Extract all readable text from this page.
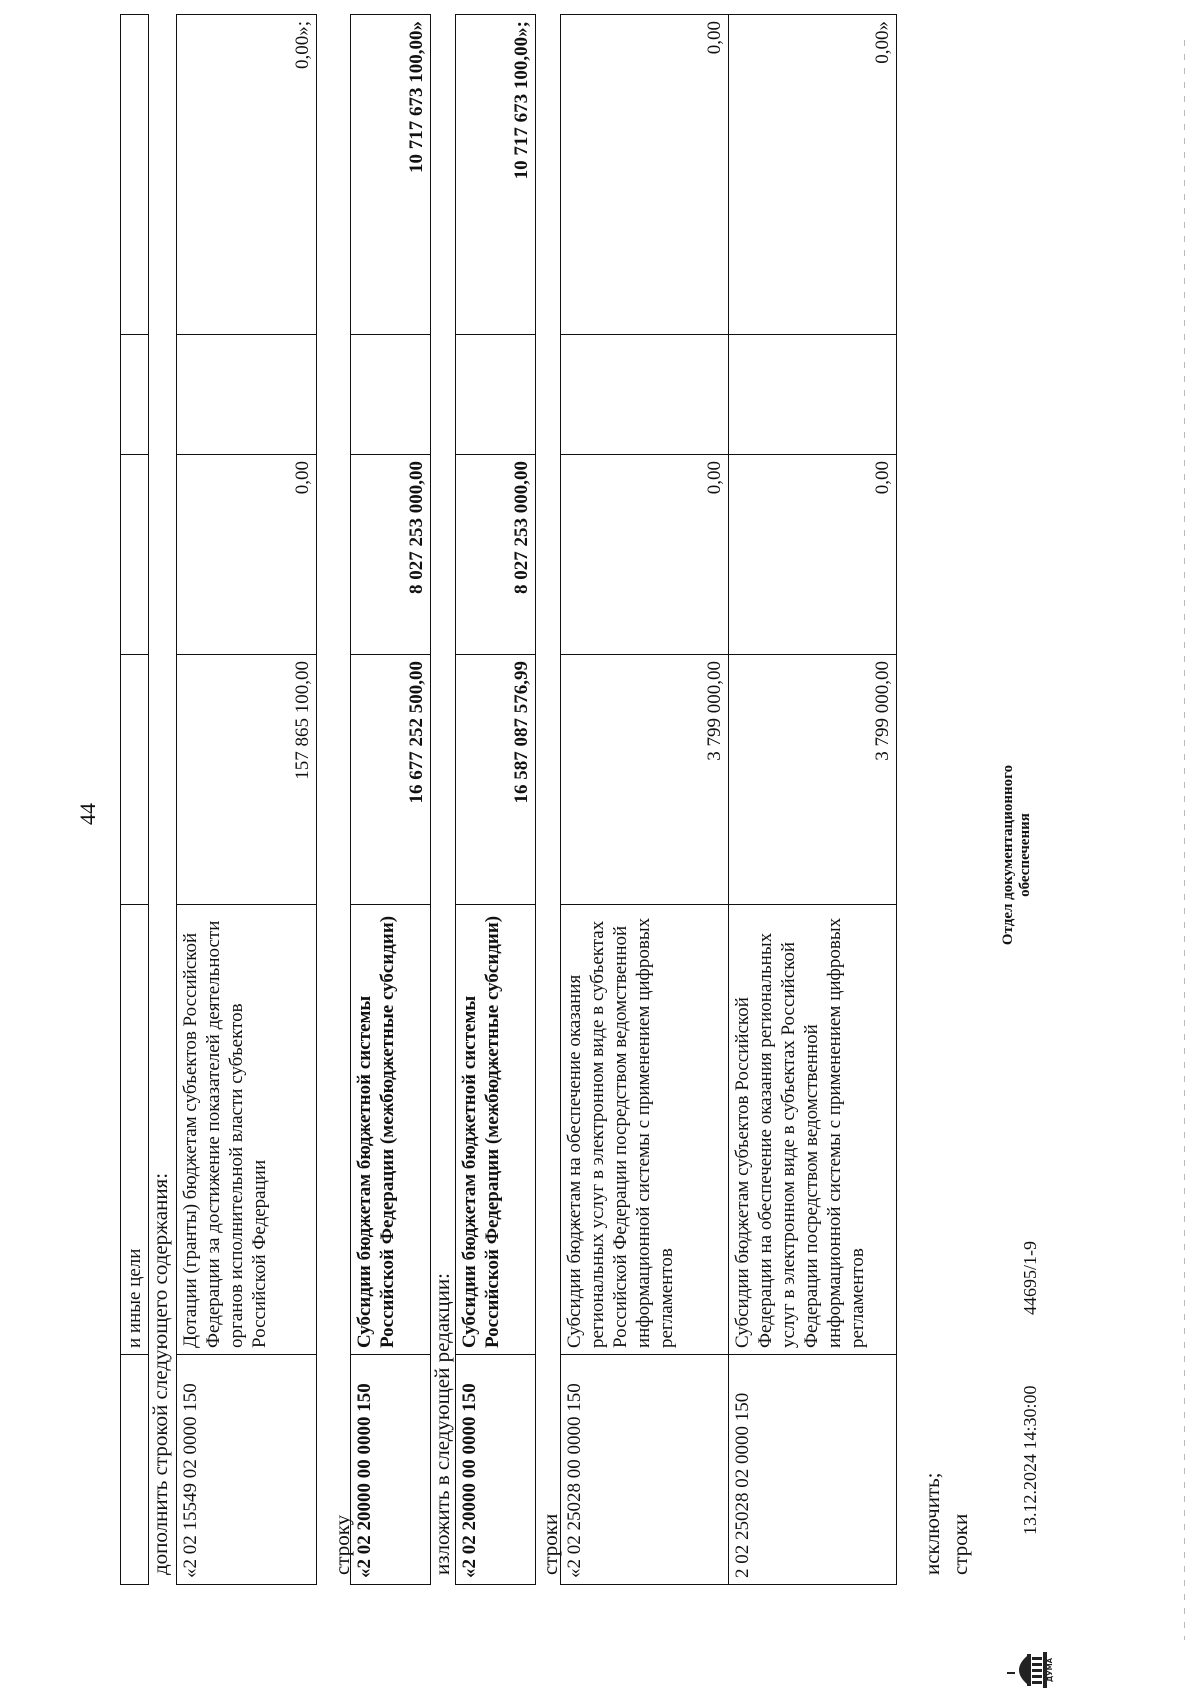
44
	и иные цели				дополнить строкой следующего содержания: «2 02 15549 02 0000 150	Дотации (гранты) бюджетам субъектов Российской Федерации за достижение показателей деятельности органов исполнительной власти субъектов Российской Федерации	157 865 100,00	0,00		0,00»;
строку «2 02 20000 00 0000 150	Субсидии бюджетам бюджетной системы Российской Федерации (межбюджетные субсидии)	16 677 252 500,00	8 027 253 000,00		10 717 673 100,00»
изложить в следующей редакции: «2 02 20000 00 0000 150	Субсидии бюджетам бюджетной системы Российской Федерации (межбюджетные субсидии)	16 587 087 576,99	8 027 253 000,00		10 717 673 100,00»;
строки «2 02 25028 00 0000 150	Субсидии бюджетам на обеспечение оказания региональных услуг в электронном виде в субъектах Российской Федерации посредством ведомственной информационной системы с применением цифровых регламентов	3 799 000,00	0,00		0,00
2 02 25028 02 0000 150	Субсидии бюджетам субъектов Российской Федерации на обеспечение оказания региональных услуг в электронном виде в субъектах Российской Федерации посредством ведомственной информационной системы с применением цифровых регламентов	3 799 000,00	0,00		0,00»
исключить; строки
ДУМА
13.12.2024 14:30:00
44695/1-9
Отдел документационного обеспечения
